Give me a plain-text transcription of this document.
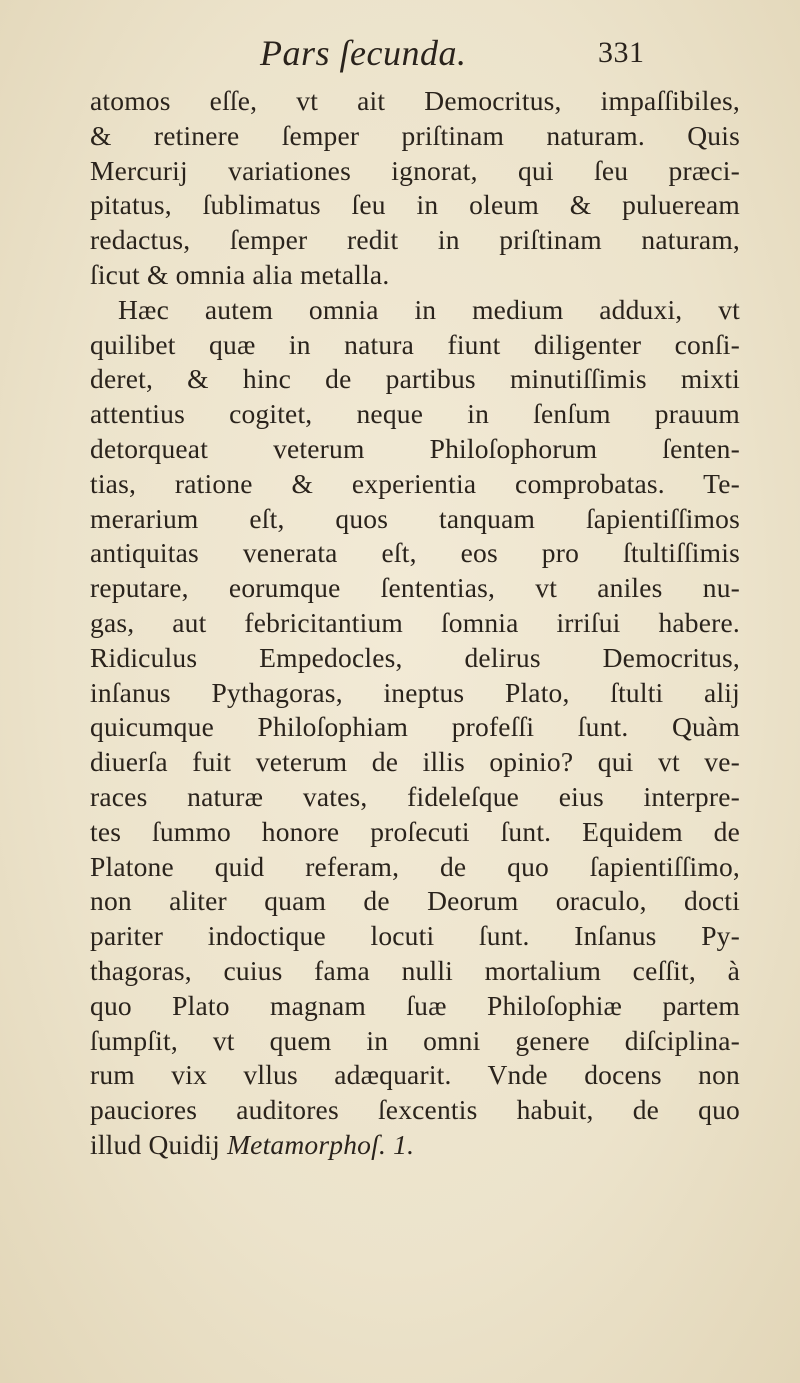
Pars ſecunda.	331
atomos eſſe, vt ait Democritus, impaſſibiles,
& retinere ſemper priſtinam naturam. Quis
Mercurij variationes ignorat, qui ſeu præci-
pitatus, ſublimatus ſeu in oleum & pulueream
redactus, ſemper redit in priſtinam naturam,
ſicut & omnia alia metalla.
Hæc autem omnia in medium adduxi, vt
quilibet quæ in natura fiunt diligenter conſi-
deret, & hinc de partibus minutiſſimis mixti
attentius cogitet, neque in ſenſum prauum
detorqueat veterum Philoſophorum ſenten-
tias, ratione & experientia comprobatas. Te-
merarium eſt, quos tanquam ſapientiſſimos
antiquitas venerata eſt, eos pro ſtultiſſimis
reputare, eorumque ſententias, vt aniles nu-
gas, aut febricitantium ſomnia irriſui habere.
Ridiculus Empedocles, delirus Democritus,
inſanus Pythagoras, ineptus Plato, ſtulti alij
quicumque Philoſophiam profeſſi ſunt. Quàm
diuerſa fuit veterum de illis opinio? qui vt ve-
races naturæ vates, fideleſque eius interpre-
tes ſummo honore proſecuti ſunt. Equidem de
Platone quid referam, de quo ſapientiſſimo,
non aliter quam de Deorum oraculo, docti
pariter indoctique locuti ſunt. Inſanus Py-
thagoras, cuius fama nulli mortalium ceſſit, à
quo Plato magnam ſuæ Philoſophiæ partem
ſumpſit, vt quem in omni genere diſciplina-
rum vix vllus adæquarit. Vnde docens non
pauciores auditores ſexcentis habuit, de quo
illud Quidij Metamorphoſ. 1.
